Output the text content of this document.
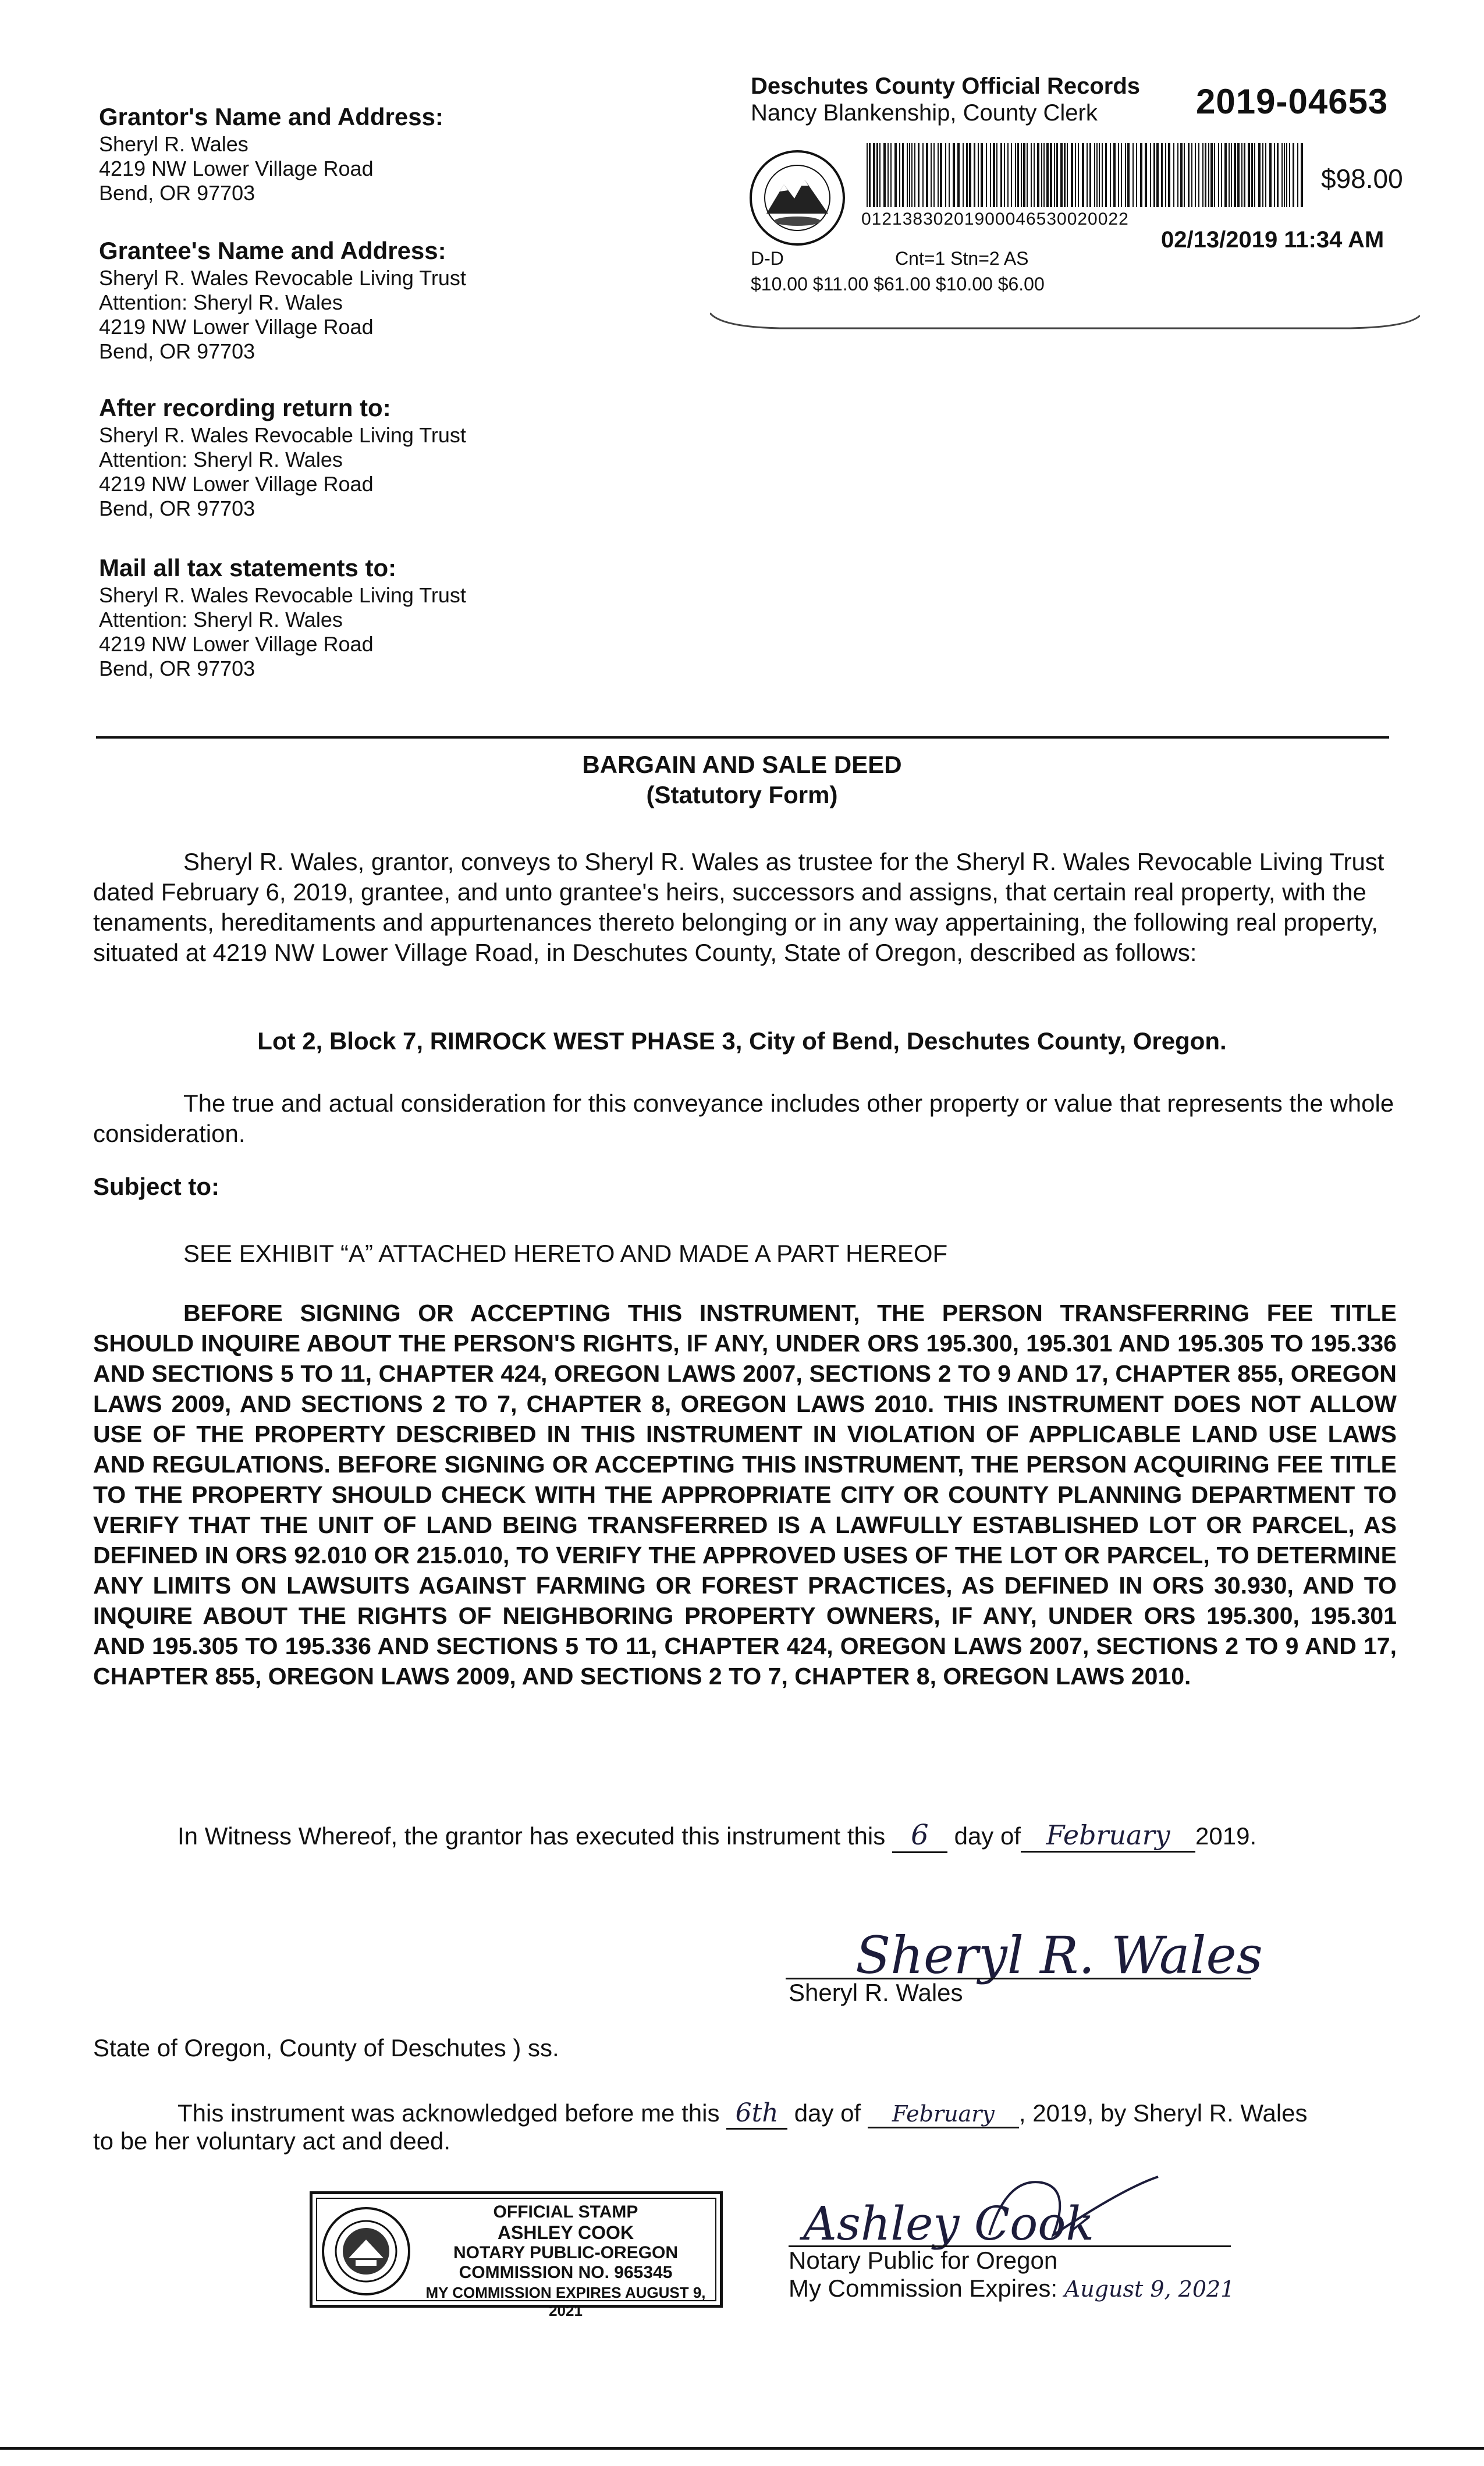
Deschutes County Official Records
Nancy Blankenship, County Clerk	2019-04653
01213830201900046530020022
$98.00
02/13/2019 11:34 AM
D-D	Cnt=1 Stn=2 AS
$10.00 $11.00 $61.00 $10.00 $6.00
Grantor's Name and Address:
Sheryl R. Wales
4219 NW Lower Village Road
Bend, OR 97703
Grantee's Name and Address:
Sheryl R. Wales Revocable Living Trust
Attention: Sheryl R. Wales
4219 NW Lower Village Road
Bend, OR 97703
After recording return to:
Sheryl R. Wales Revocable Living Trust
Attention: Sheryl R. Wales
4219 NW Lower Village Road
Bend, OR 97703
Mail all tax statements to:
Sheryl R. Wales Revocable Living Trust
Attention: Sheryl R. Wales
4219 NW Lower Village Road
Bend, OR 97703
BARGAIN AND SALE DEED
(Statutory Form)
Sheryl R. Wales, grantor, conveys to Sheryl R. Wales as trustee for the Sheryl R. Wales Revocable Living Trust dated February 6, 2019, grantee, and unto grantee's heirs, successors and assigns, that certain real property, with the tenaments, hereditaments and appurtenances thereto belonging or in any way appertaining, the following real property, situated at 4219 NW Lower Village Road, in Deschutes County, State of Oregon, described as follows:
Lot 2, Block 7, RIMROCK WEST PHASE 3, City of Bend, Deschutes County, Oregon.
The true and actual consideration for this conveyance includes other property or value that represents the whole consideration.
Subject to:
SEE EXHIBIT “A” ATTACHED HERETO AND MADE A PART HEREOF
BEFORE SIGNING OR ACCEPTING THIS INSTRUMENT, THE PERSON TRANSFERRING FEE TITLE SHOULD INQUIRE ABOUT THE PERSON'S RIGHTS, IF ANY, UNDER ORS 195.300, 195.301 AND 195.305 TO 195.336 AND SECTIONS 5 TO 11, CHAPTER 424, OREGON LAWS 2007, SECTIONS 2 TO 9 AND 17, CHAPTER 855, OREGON LAWS 2009, AND SECTIONS 2 TO 7, CHAPTER 8, OREGON LAWS 2010. THIS INSTRUMENT DOES NOT ALLOW USE OF THE PROPERTY DESCRIBED IN THIS INSTRUMENT IN VIOLATION OF APPLICABLE LAND USE LAWS AND REGULATIONS. BEFORE SIGNING OR ACCEPTING THIS INSTRUMENT, THE PERSON ACQUIRING FEE TITLE TO THE PROPERTY SHOULD CHECK WITH THE APPROPRIATE CITY OR COUNTY PLANNING DEPARTMENT TO VERIFY THAT THE UNIT OF LAND BEING TRANSFERRED IS A LAWFULLY ESTABLISHED LOT OR PARCEL, AS DEFINED IN ORS 92.010 OR 215.010, TO VERIFY THE APPROVED USES OF THE LOT OR PARCEL, TO DETERMINE ANY LIMITS ON LAWSUITS AGAINST FARMING OR FOREST PRACTICES, AS DEFINED IN ORS 30.930, AND TO INQUIRE ABOUT THE RIGHTS OF NEIGHBORING PROPERTY OWNERS, IF ANY, UNDER ORS 195.300, 195.301 AND 195.305 TO 195.336 AND SECTIONS 5 TO 11, CHAPTER 424, OREGON LAWS 2007, SECTIONS 2 TO 9 AND 17, CHAPTER 855, OREGON LAWS 2009, AND SECTIONS 2 TO 7, CHAPTER 8, OREGON LAWS 2010.
In Witness Whereof, the grantor has executed this instrument this 6 day of February 2019.
Sheryl R. Wales
Sheryl R. Wales
State of Oregon, County of Deschutes ) ss.
This instrument was acknowledged before me this 6th day of February , 2019, by Sheryl R. Wales
to be her voluntary act and deed.
OFFICIAL STAMP
ASHLEY COOK
NOTARY PUBLIC-OREGON
COMMISSION NO. 965345
MY COMMISSION EXPIRES AUGUST 9, 2021
Ashley Cook
Notary Public for Oregon
My Commission Expires: August 9, 2021
